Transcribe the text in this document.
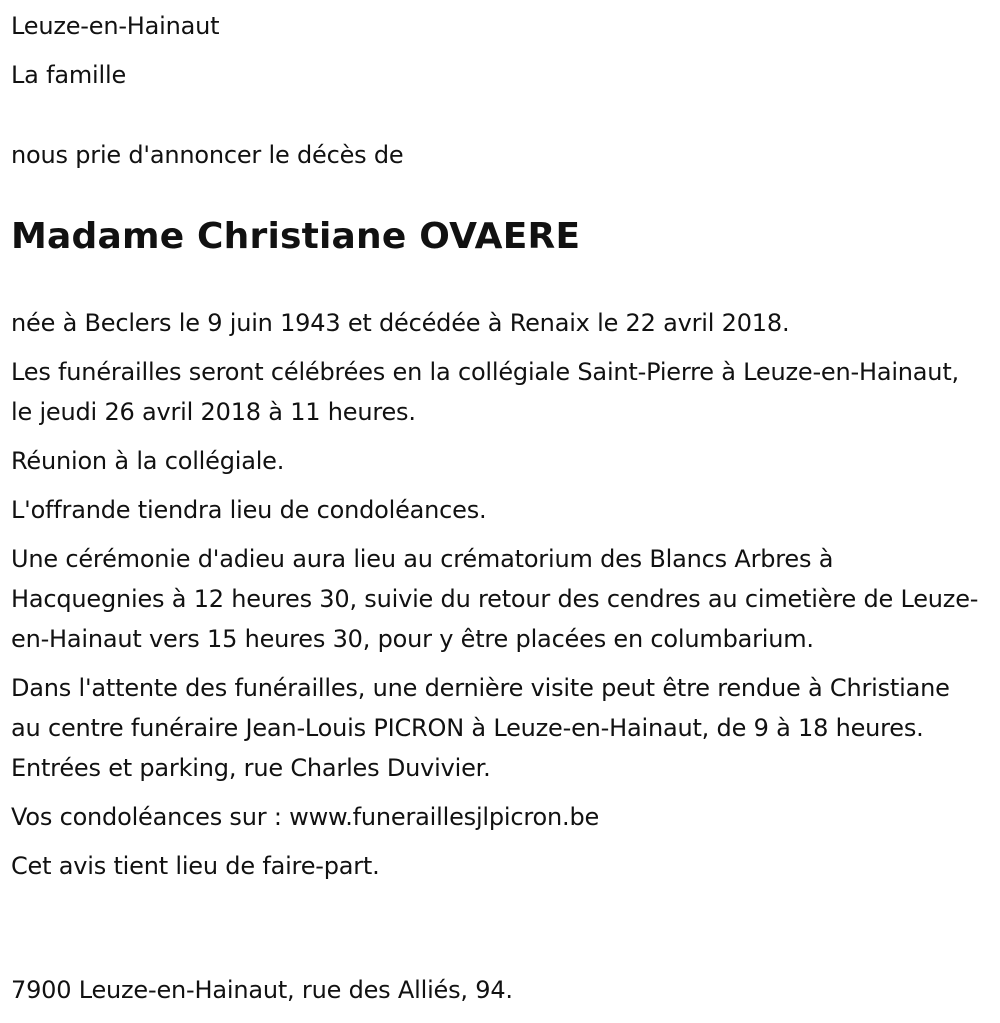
Leuze-en-Hainaut

La famille

nous prie d'annoncer le décès de

Madame Christiane OVAERE

née à Beclers le 9 juin 1943 et décédée à Renaix le 22 avril 2018.

Les funérailles seront célébrées en la collégiale Saint-Pierre à Leuze-en-Hainaut, le jeudi 26 avril 2018 à 11 heures.

Réunion à la collégiale.

L'offrande tiendra lieu de condoléances.

Une cérémonie d'adieu aura lieu au crématorium des Blancs Arbres à Hacquegnies à 12 heures 30, suivie du retour des cendres au cimetière de Leuze-en-Hainaut vers 15 heures 30, pour y être placées en columbarium.

Dans l'attente des funérailles, une dernière visite peut être rendue à Christiane au centre funéraire Jean-Louis PICRON à Leuze-en-Hainaut, de 9 à 18 heures. Entrées et parking, rue Charles Duvivier.

Vos condoléances sur : www.funeraillesjlpicron.be

Cet avis tient lieu de faire-part.

7900 Leuze-en-Hainaut, rue des Alliés, 94.
